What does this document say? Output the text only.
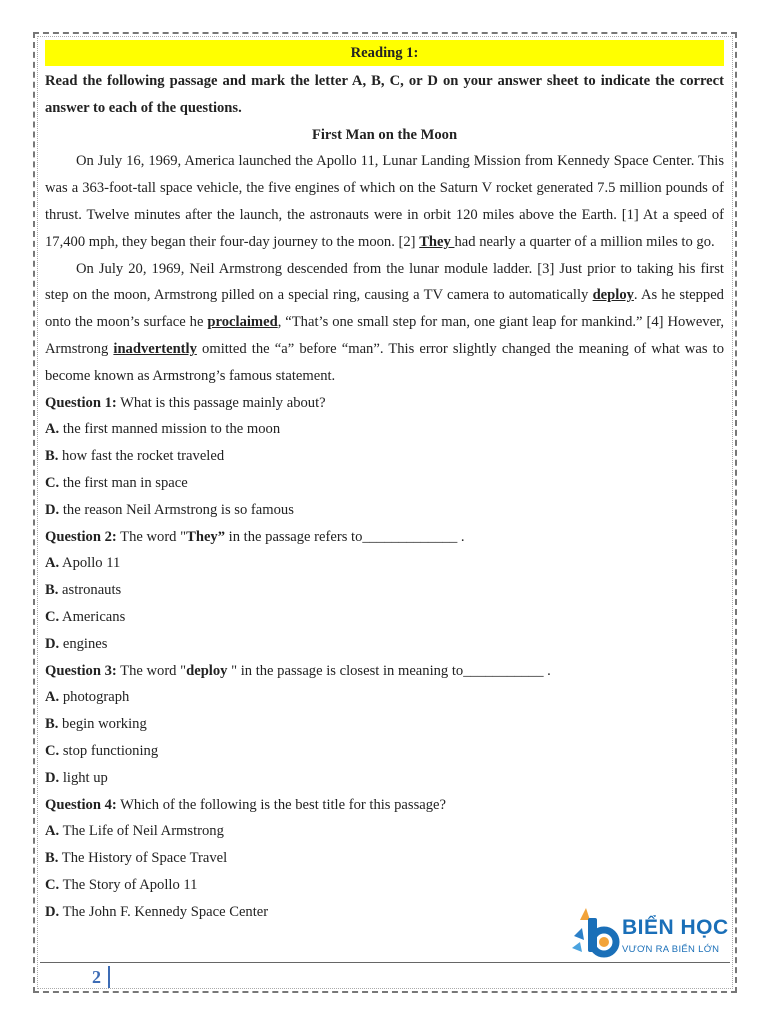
Reading 1:
Read the following passage and mark the letter A, B, C, or D on your answer sheet to indicate the correct answer to each of the questions.
First Man on the Moon

On July 16, 1969, America launched the Apollo 11, Lunar Landing Mission from Kennedy Space Center. This was a 363-foot-tall space vehicle, the five engines of which on the Saturn V rocket generated 7.5 million pounds of thrust. Twelve minutes after the launch, the astronauts were in orbit 120 miles above the Earth. [1] At a speed of 17,400 mph, they began their four-day journey to the moon. [2] They had nearly a quarter of a million miles to go.

On July 20, 1969, Neil Armstrong descended from the lunar module ladder. [3] Just prior to taking his first step on the moon, Armstrong pilled on a special ring, causing a TV camera to automatically deploy. As he stepped onto the moon’s surface he proclaimed, “That’s one small step for man, one giant leap for mankind.” [4] However, Armstrong inadvertently omitted the “a” before “man”. This error slightly changed the meaning of what was to become known as Armstrong’s famous statement.

Question 1: What is this passage mainly about?
A. the first manned mission to the moon
B. how fast the rocket traveled
C. the first man in space
D. the reason Neil Armstrong is so famous
Question 2: The word "They” in the passage refers to_____________ .
A. Apollo 11
B. astronauts
C. Americans
D. engines
Question 3: The word "deploy " in the passage is closest in meaning to___________ .
A. photograph
B. begin working
C. stop functioning
D. light up
Question 4: Which of the following is the best title for this passage?
A. The Life of Neil Armstrong
B. The History of Space Travel
C. The Story of Apollo 11
D. The John F. Kennedy Space Center
BIỂN HỌC
VƯƠN RA BIỂN LỚN
2
